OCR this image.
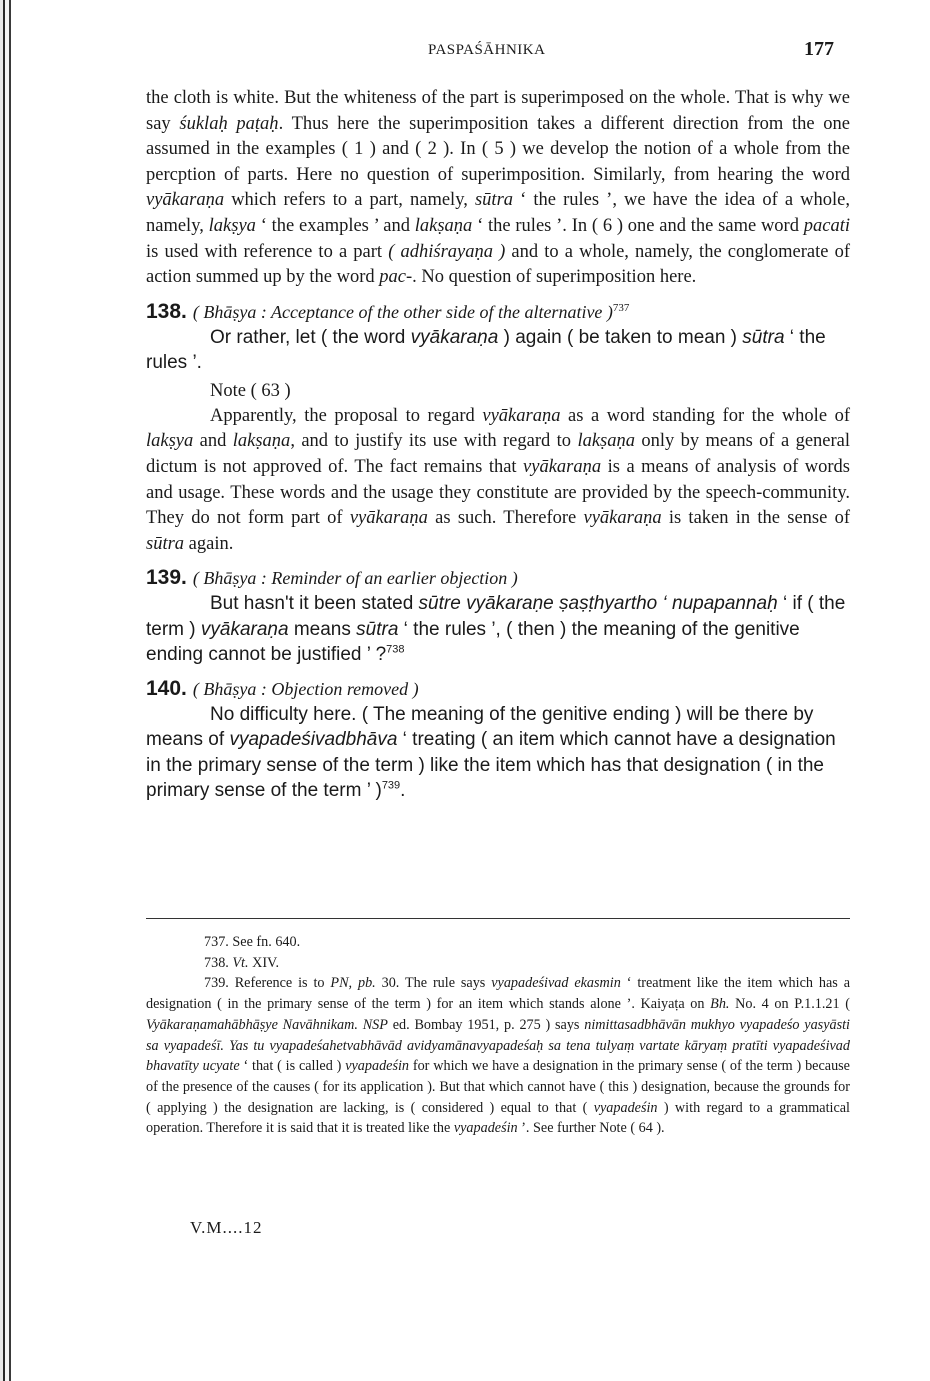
PASPAŚĀHNIKA	177

the cloth is white. But the whiteness of the part is superimposed on the whole. That is why we say śuklaḥ paṭaḥ. Thus here the superimposition takes a different direction from the one assumed in the examples ( 1 ) and ( 2 ). In ( 5 ) we develop the notion of a whole from the percption of parts. Here no question of superimposition. Similarly, from hearing the word vyākaraṇa which refers to a part, namely, sūtra ‘ the rules ’, we have the idea of a whole, namely, lakṣya ‘ the examples ’ and lakṣaṇa ‘ the rules ’. In ( 6 ) one and the same word pacati is used with reference to a part ( adhiśrayaṇa ) and to a whole, namely, the conglomerate of action summed up by the word pac-. No question of superimposition here.

138. ( Bhāṣya : Acceptance of the other side of the alternative )$^{737}$

Or rather, let ( the word vyākaraṇa ) again ( be taken to mean ) sūtra ‘ the rules ’.

Note ( 63 )

Apparently, the proposal to regard vyākaraṇa as a word standing for the whole of lakṣya and lakṣaṇa, and to justify its use with regard to lakṣaṇa only by means of a general dictum is not approved of. The fact remains that vyākaraṇa is a means of analysis of words and usage. These words and the usage they constitute are provided by the speech-community. They do not form part of vyākaraṇa as such. Therefore vyākaraṇa is taken in the sense of sūtra again.

139. ( Bhāṣya : Reminder of an earlier objection )

But hasn't it been stated sūtre vyākaraṇe ṣaṣṭhyartho ‘ nupapannaḥ ‘ if ( the term ) vyākaraṇa means sūtra ‘ the rules ’, ( then ) the meaning of the genitive ending cannot be justified ’ ?$^{738}$

140. ( Bhāṣya : Objection removed )

No difficulty here. ( The meaning of the genitive ending ) will be there by means of vyapadeśivadbhāva ‘ treating ( an item which cannot have a designation in the primary sense of the term ) like the item which has that designation ( in the primary sense of the term ’ )$^{739}$.

737. See fn. 640.

738. Vt. XIV.

739. Reference is to PN, pb. 30. The rule says vyapadeśivad ekasmin ‘ treatment like the item which has a designation ( in the primary sense of the term ) for an item which stands alone ’. Kaiyaṭa on Bh. No. 4 on P.1.1.21 ( Vyākaraṇamahābhāṣye Navāhnikam. NSP ed. Bombay 1951, p. 275 ) says nimittasadbhāvān mukhyo vyapadeśo yasyāsti sa vyapadeśī. Yas tu vyapadeśahetvabhāvād avidyamānavyapadeśaḥ sa tena tulyaṃ vartate kāryaṃ pratīti vyapadeśivad bhavatīty ucyate ‘ that ( is called ) vyapadeśin for which we have a designation in the primary sense ( of the term ) because of the presence of the causes ( for its application ). But that which cannot have ( this ) designation, because the grounds for ( applying ) the designation are lacking, is ( considered ) equal to that ( vyapadeśin ) with regard to a grammatical operation. Therefore it is said that it is treated like the vyapadeśin ’. See further Note ( 64 ).

V.M....12
